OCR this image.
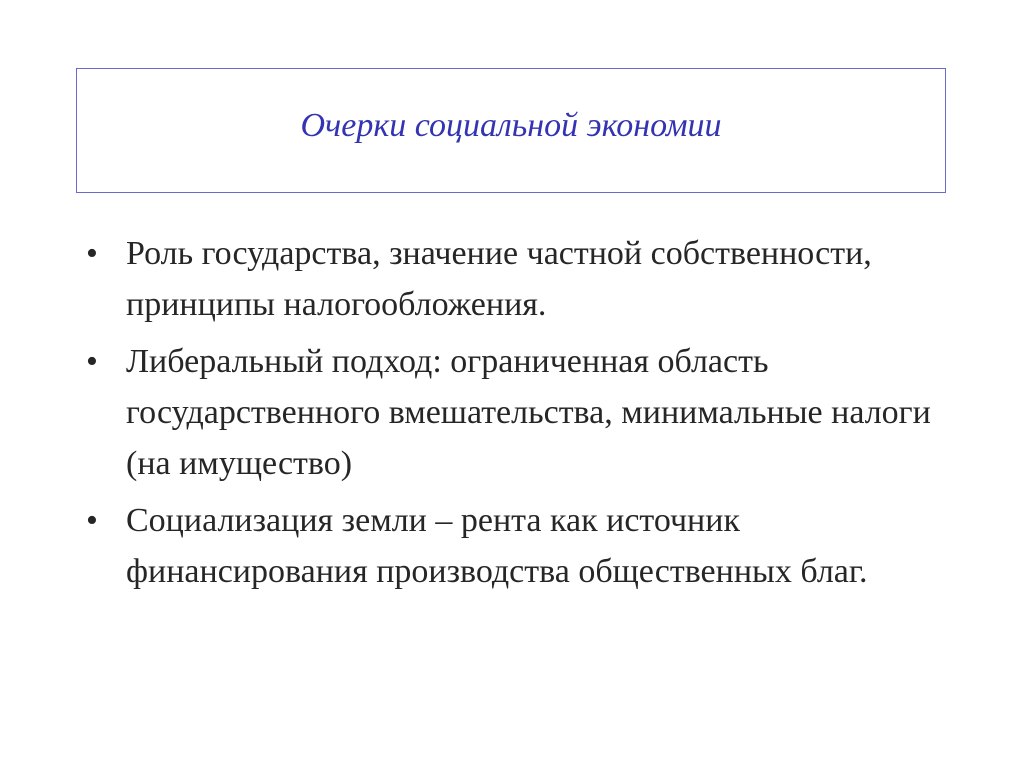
Очерки социальной экономии
• Роль государства, значение частной собственности, принципы налогообложения.
• Либеральный подход: ограниченная область государственного вмешательства, минимальные налоги (на имущество)
• Социализация земли – рента как источник финансирования производства общественных благ.
